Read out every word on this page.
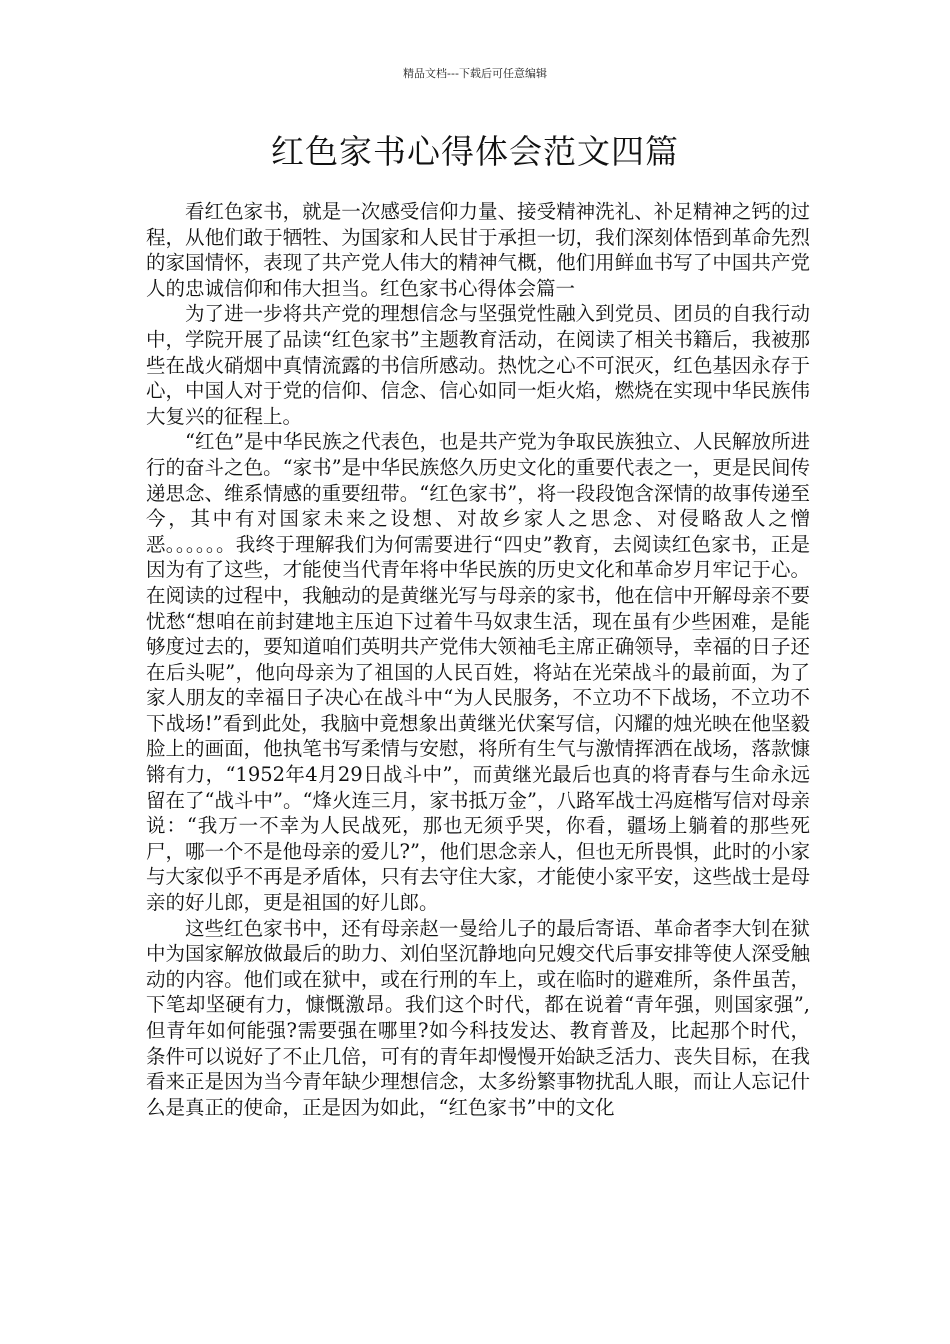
精品文档---下载后可任意编辑
红色家书心得体会范文四篇

看红色家书，就是一次感受信仰力量、接受精神洗礼、补足精神之钙的过程，从他们敢于牺牲、为国家和人民甘于承担一切，我们深刻体悟到革命先烈的家国情怀，表现了共产党人伟大的精神气概，他们用鲜血书写了中国共产党人的忠诚信仰和伟大担当。红色家书心得体会篇一

为了进一步将共产党的理想信念与坚强党性融入到党员、团员的自我行动中，学院开展了品读“红色家书”主题教育活动，在阅读了相关书籍后，我被那些在战火硝烟中真情流露的书信所感动。热忱之心不可泯灭，红色基因永存于心，中国人对于党的信仰、信念、信心如同一炬火焰，燃烧在实现中华民族伟大复兴的征程上。

“红色”是中华民族之代表色，也是共产党为争取民族独立、人民解放所进行的奋斗之色。“家书”是中华民族悠久历史文化的重要代表之一，更是民间传递思念、维系情感的重要纽带。“红色家书”，将一段段饱含深情的故事传递至今，其中有对国家未来之设想、对故乡家人之思念、对侵略敌人之憎恶。。。。。。我终于理解我们为何需要进行“四史”教育，去阅读红色家书，正是因为有了这些，才能使当代青年将中华民族的历史文化和革命岁月牢记于心。在阅读的过程中，我触动的是黄继光写与母亲的家书，他在信中开解母亲不要忧愁“想咱在前封建地主压迫下过着牛马奴隶生活，现在虽有少些困难，是能够度过去的，要知道咱们英明共产党伟大领袖毛主席正确领导，幸福的日子还在后头呢”，他向母亲为了祖国的人民百姓，将站在光荣战斗的最前面，为了家人朋友的幸福日子决心在战斗中“为人民服务，不立功不下战场，不立功不下战场!”看到此处，我脑中竟想象出黄继光伏案写信，闪耀的烛光映在他坚毅脸上的画面，他执笔书写柔情与安慰，将所有生气与激情挥洒在战场，落款慷锵有力，“1952年4月29日战斗中”，而黄继光最后也真的将青春与生命永远留在了“战斗中”。“烽火连三月，家书抵万金”，八路军战士冯庭楷写信对母亲说：“我万一不幸为人民战死，那也无须乎哭，你看，疆场上躺着的那些死尸，哪一个不是他母亲的爱儿?”，他们思念亲人，但也无所畏惧，此时的小家与大家似乎不再是矛盾体，只有去守住大家，才能使小家平安，这些战士是母亲的好儿郎，更是祖国的好儿郎。

这些红色家书中，还有母亲赵一曼给儿子的最后寄语、革命者李大钊在狱中为国家解放做最后的助力、刘伯坚沉静地向兄嫂交代后事安排等使人深受触动的内容。他们或在狱中，或在行刑的车上，或在临时的避难所，条件虽苦，下笔却坚硬有力，慷慨激昂。我们这个时代，都在说着“青年强，则国家强”,但青年如何能强?需要强在哪里?如今科技发达、教育普及，比起那个时代，条件可以说好了不止几倍，可有的青年却慢慢开始缺乏活力、丧失目标，在我看来正是因为当今青年缺少理想信念，太多纷繁事物扰乱人眼，而让人忘记什么是真正的使命，正是因为如此，“红色家书”中的文化
